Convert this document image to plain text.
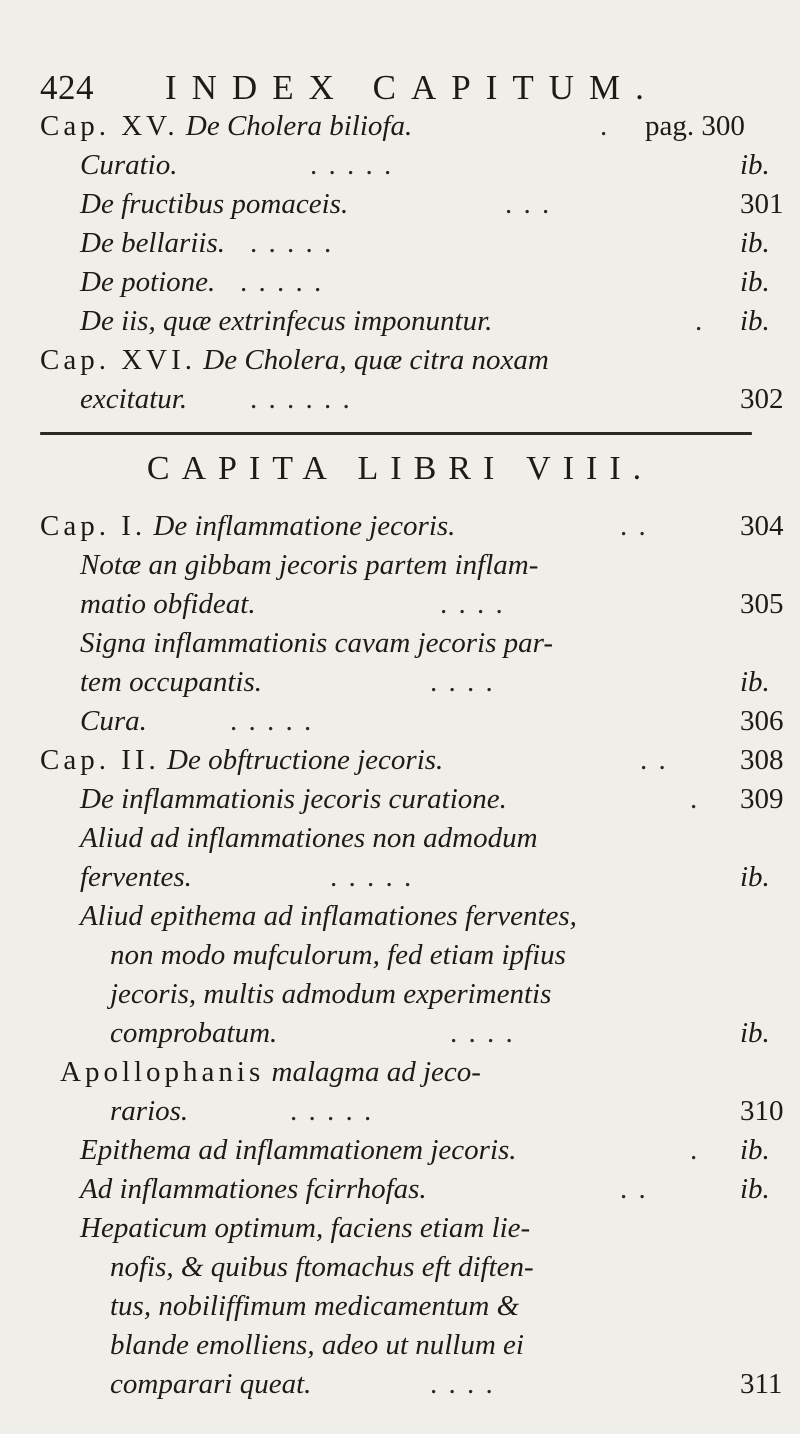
424 INDEX CAPITUM.
Cap. XV. De Cholera biliofa.	. pag. 300
Curatio.	. . . . .	ib.
De fructibus pomaceis.	. . .	301
De bellariis. . . . . .	ib.
De potione. . . . . .	ib.
De iis, quæ extrinfecus imponuntur.	. ib.
Cap. XVI. De Cholera, quæ citra noxam
excitatur. . . . . . .	302
CAPITA LIBRI VIII.
Cap. I. De inflammatione jecoris.	. .	304
Notæ an gibbam jecoris partem inflam-
matio obfideat.	. . . .	305
Signa inflammationis cavam jecoris par-
tem occupantis.	. . . .	ib.
Cura.	. . . . .	306
Cap. II. De obftructione jecoris.	. . 308
De inflammationis jecoris curatione.	. 309
Aliud ad inflammationes non admodum
ferventes.	. . . . .	ib.
Aliud epithema ad inflamationes ferventes,
non modo mufculorum, fed etiam ipfius
jecoris, multis admodum experimentis
comprobatum.	. . . .	ib.
Apollophanis malagma ad jeco-
rarios.	. . . . .	310
Epithema ad inflammationem jecoris.	. ib.
Ad inflammationes fcirrhofas.	. .	ib.
Hepaticum optimum, faciens etiam lie-
nofis, & quibus ftomachus eft diften-
tus, nobiliffimum medicamentum &
blande emolliens, adeo ut nullum ei
comparari queat.	. . . .	311
